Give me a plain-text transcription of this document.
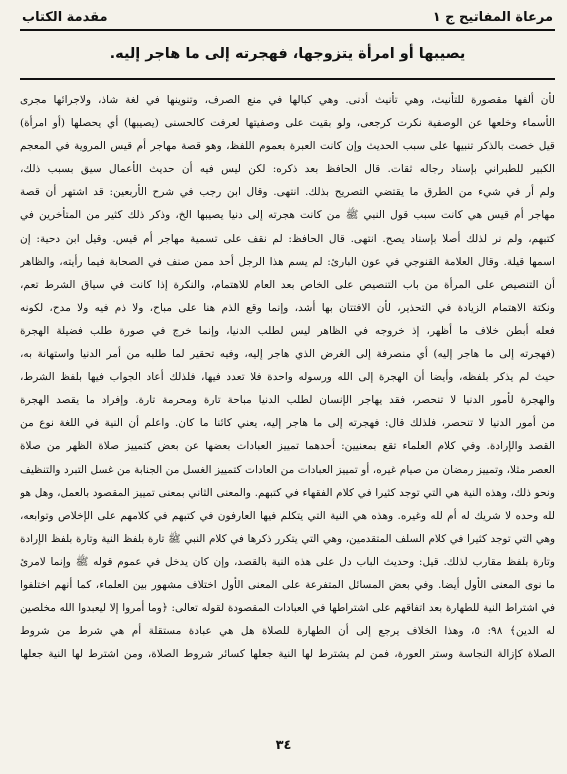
مرعاة المفاتيح ج ١
مقدمة الكتاب
يصيبها أو امرأة يتزوجها، فهجرته إلى ما هاجر إليه.
لأن ألفها مقصورة للتأنيث، وهي تأنيث أدنى. وهي كبالها في منع الصرف، وتنوينها في لغة شاذ، ولاجرائها مجرى
الأسماء وخلعها عن الوصفية نكرت كرجعى، ولو بقيت على وصفيتها لعرفت كالحسنى (يصيبها) أي يحصلها (أو امرأة)
قيل خصت بالذكر تنبيها على سبب الحديث وإن كانت العبرة بعموم اللفظ، وهو قصة مهاجر أم قيس المروية في المعجم
الكبير للطبراني بإسناد رجاله ثقات. قال الحافظ بعد ذكره: لكن ليس فيه أن حديث الأعمال سيق بسبب ذلك،
ولم أر في شيء من الطرق ما يقتضي التصريح بذلك. انتهى. وقال ابن رجب في شرح الأربعين: قد اشتهر أن قصة
مهاجر أم قيس هي كانت سبب قول النبي ﷺ من كانت هجرته إلى دنيا يصيبها الخ، وذكر ذلك كثير من المتأخرين في
كتبهم، ولم نر لذلك أصلا بإسناد يصح. انتهى. قال الحافظ: لم نقف على تسمية مهاجر أم قيس. وقيل ابن دحية: إن
اسمها قيلة. وقال العلامة القنوجي في عون البارئ: لم يسم هذا الرجل أحد ممن صنف في الصحابة فيما رأيته، والظاهر
أن التنصيص على المرأة من باب التنصيص على الخاص بعد العام للاهتمام، والنكرة إذا كانت في سياق الشرط تعم،
ونكتة الاهتمام الزيادة في التحذير، لأن الافتتان بها أشد، وإنما وقع الذم هنا على مباح، ولا ذم فيه ولا مدح، لكونه
فعله أبطن خلاف ما أظهر، إذ خروجه في الظاهر ليس لطلب الدنيا، وإنما خرج في صورة طلب فضيلة الهجرة
(فهجرته إلى ما هاجر إليه) أي منصرفة إلى الغرض الذي هاجر إليه، وفيه تحقير لما طلبه من أمر الدنيا واستهانة به،
حيث لم يذكر بلفظه، وأيضا أن الهجرة إلى الله ورسوله واحدة فلا تعدد فيها، فلذلك أعاد الجواب فيها بلفظ الشرط،
والهجرة لأمور الدنيا لا تنحصر، فقد يهاجر الإنسان لطلب الدنيا مباحة تارة ومحرمة تارة. وإفراد ما يقصد الهجرة
من أمور الدنيا لا تنحصر، فلذلك قال: فهجرته إلى ما هاجر إليه، يعني كائنا ما كان. واعلم أن النية في اللغة نوع من
القصد والإرادة. وفي كلام العلماء تقع بمعنيين: أحدهما تمييز العبادات بعضها عن بعض كتمييز صلاة الظهر من صلاة
العصر مثلا، وتمييز رمضان من صيام غيره، أو تمييز العبادات من العادات كتمييز الغسل من الجنابة من غسل التبرد والتنظيف
ونحو ذلك، وهذه النية هي التي توجد كثيرا في كلام الفقهاء في كتبهم. والمعنى الثاني بمعنى تمييز المقصود بالعمل، وهل هو
لله وحده لا شريك له أم لله وغيره. وهذه هي النية التي يتكلم فيها العارفون في كتبهم في كلامهم على الإخلاص وتوابعه،
وهي التي توجد كثيرا في كلام السلف المتقدمين، وهي التي يتكرر ذكرها في كلام النبي ﷺ تارة بلفظ النية وتارة بلفظ الإرادة
وتارة بلفظ مقارب لذلك. قيل: وحديث الباب دل على هذه النية بالقصد، وإن كان يدخل في عموم قوله ﷺ وإنما لامرئ
ما نوى المعنى الأول أيضا. وفي بعض المسائل المتفرعة على المعنى الأول اختلاف مشهور بين العلماء، كما أنهم اختلفوا
في اشتراط النية للطهارة بعد اتفاقهم على اشتراطها في العبادات المقصودة لقوله تعالى: ﴿وما أمروا إلا ليعبدوا الله مخلصين
له الدين﴾ ٩٨: ٥، وهذا الخلاف يرجع إلى أن الطهارة للصلاة هل هي عبادة مستقلة أم هي شرط من شروط
الصلاة كإزالة النجاسة وستر العورة، فمن لم يشترط لها النية جعلها كسائر شروط الصلاة، ومن اشترط لها النية جعلها
٣٤
